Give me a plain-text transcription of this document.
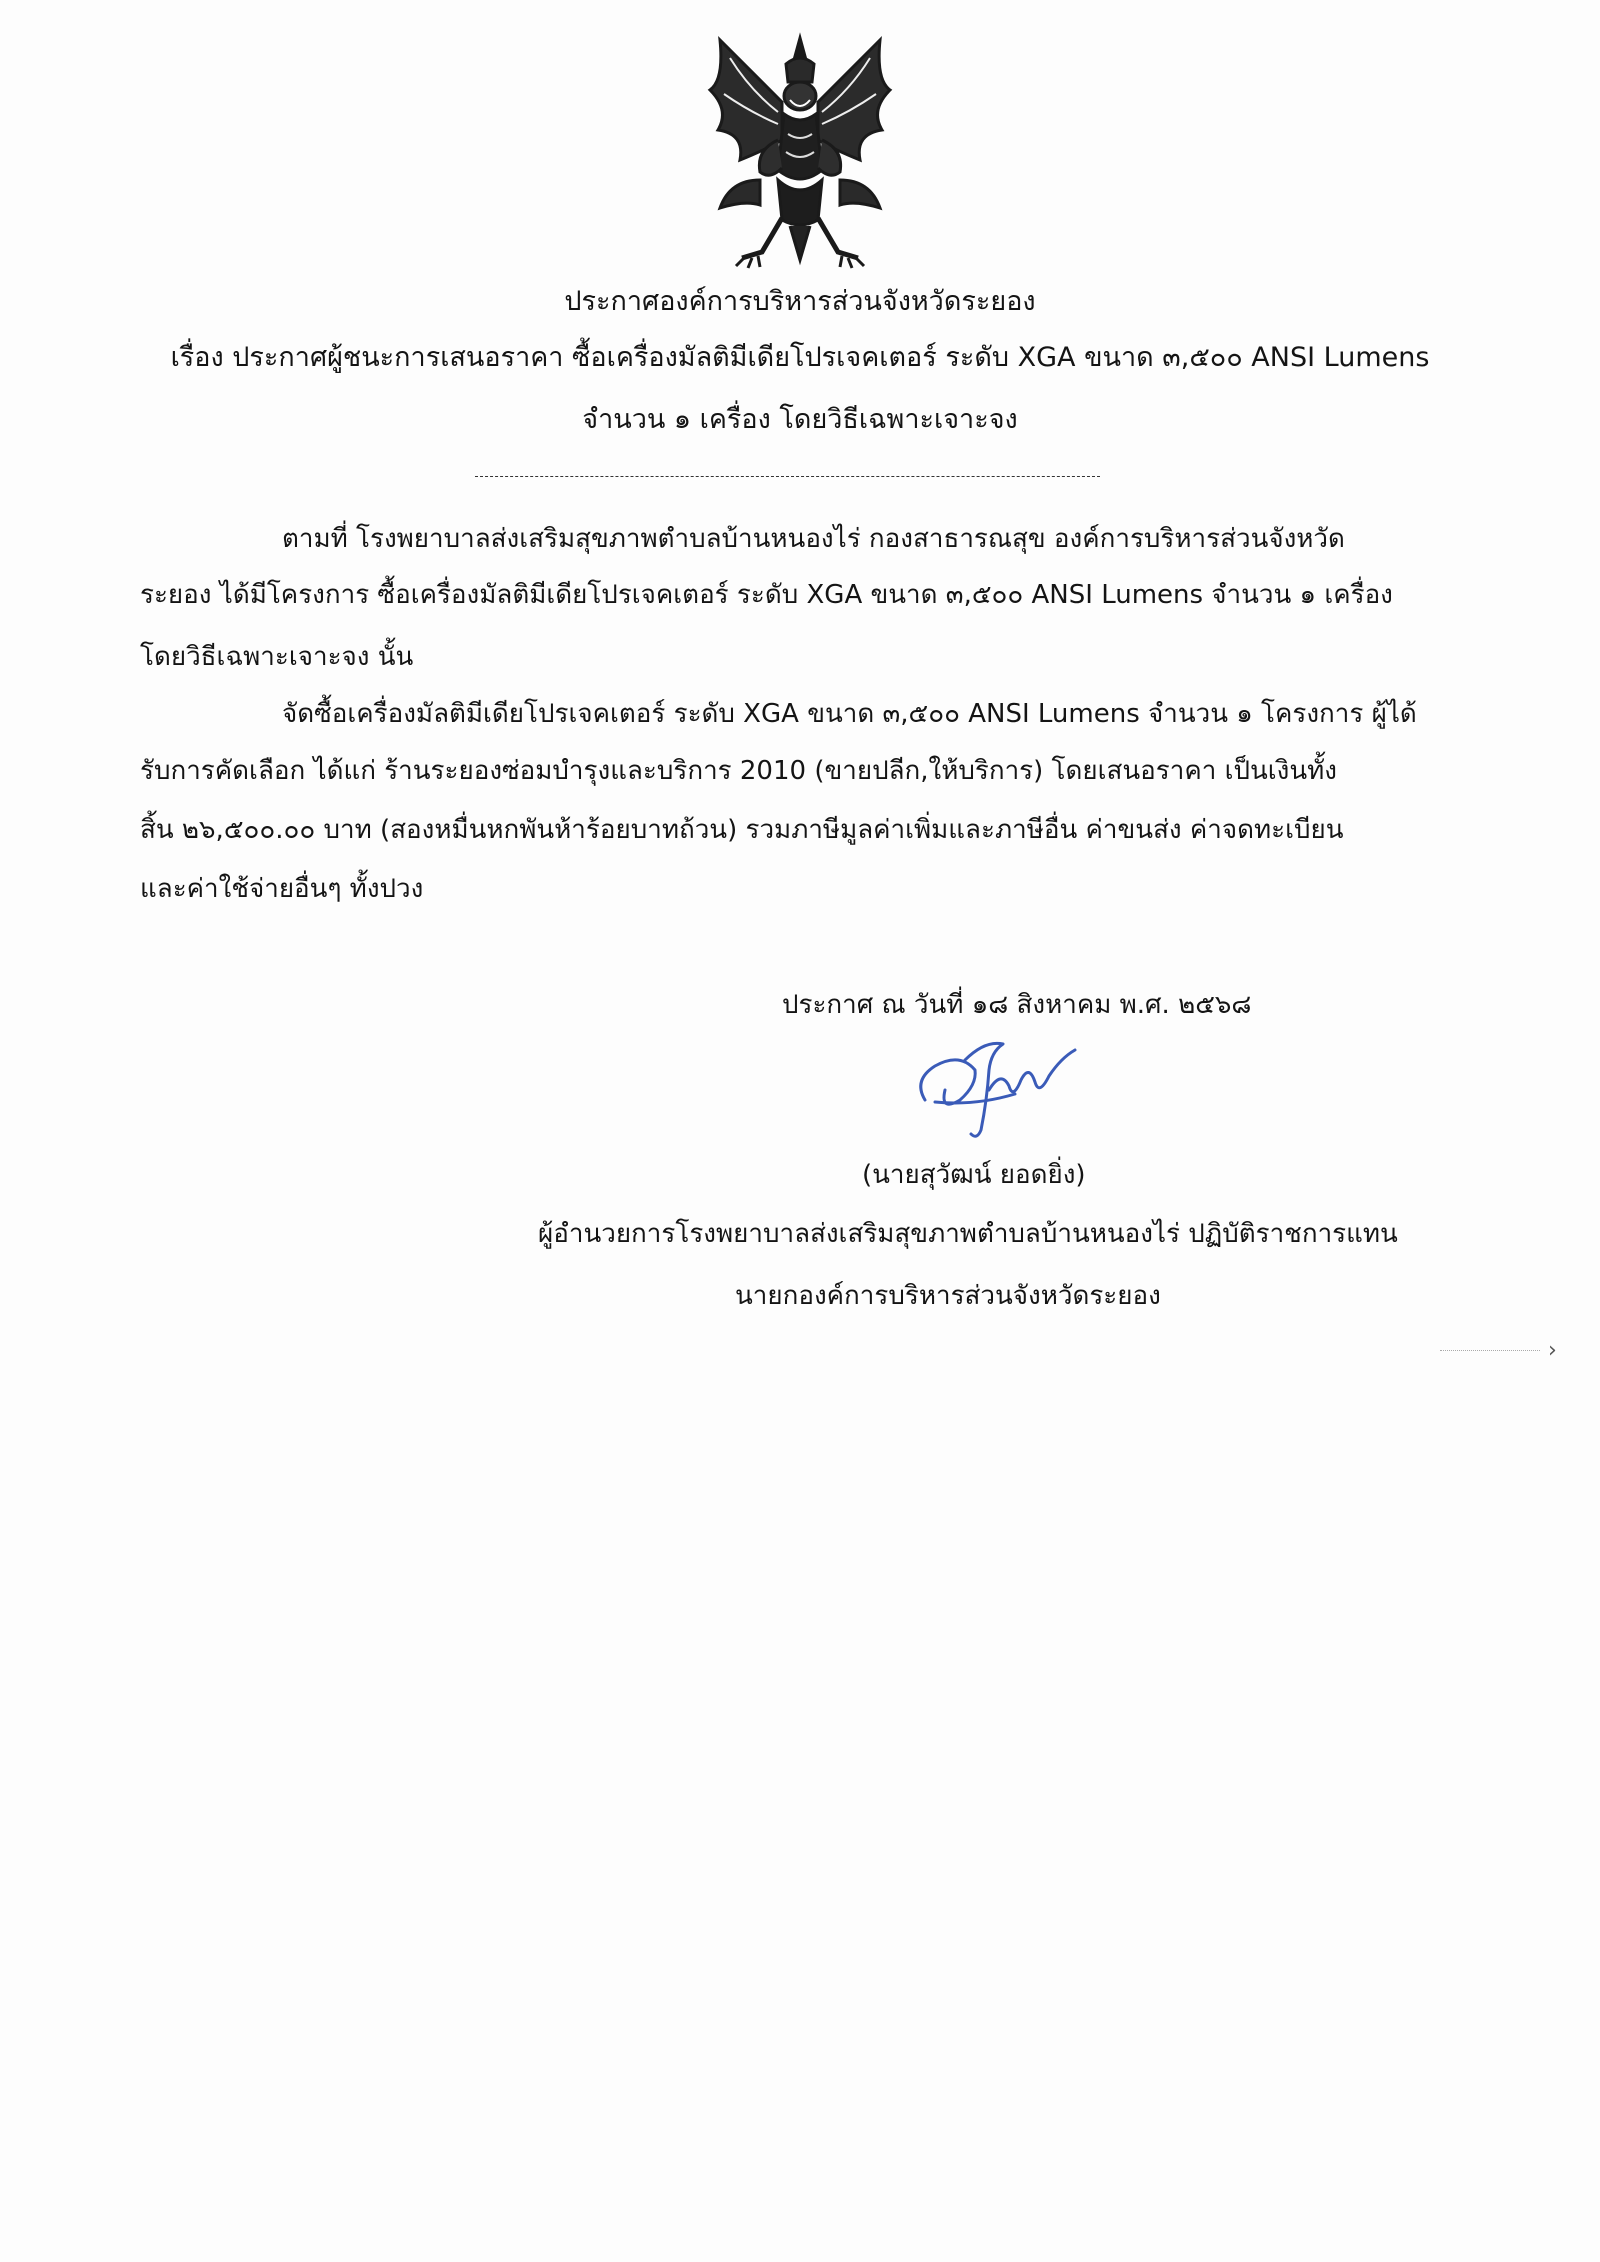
ประกาศองค์การบริหารส่วนจังหวัดระยอง
เรื่อง ประกาศผู้ชนะการเสนอราคา ซื้อเครื่องมัลติมีเดียโปรเจคเตอร์ ระดับ XGA ขนาด ๓,๕๐๐ ANSI Lumens
จำนวน ๑ เครื่อง โดยวิธีเฉพาะเจาะจง
ตามที่ โรงพยาบาลส่งเสริมสุขภาพตำบลบ้านหนองไร่ กองสาธารณสุข องค์การบริหารส่วนจังหวัด
ระยอง ได้มีโครงการ ซื้อเครื่องมัลติมีเดียโปรเจคเตอร์ ระดับ XGA ขนาด ๓,๕๐๐ ANSI Lumens จำนวน ๑ เครื่อง
โดยวิธีเฉพาะเจาะจง นั้น
จัดซื้อเครื่องมัลติมีเดียโปรเจคเตอร์ ระดับ XGA ขนาด ๓,๕๐๐ ANSI Lumens จำนวน ๑ โครงการ ผู้ได้
รับการคัดเลือก ได้แก่ ร้านระยองซ่อมบำรุงและบริการ 2010 (ขายปลีก,ให้บริการ) โดยเสนอราคา เป็นเงินทั้ง
สิ้น ๒๖,๕๐๐.๐๐ บาท (สองหมื่นหกพันห้าร้อยบาทถ้วน) รวมภาษีมูลค่าเพิ่มและภาษีอื่น ค่าขนส่ง ค่าจดทะเบียน
และค่าใช้จ่ายอื่นๆ ทั้งปวง
ประกาศ ณ วันที่ ๑๘ สิงหาคม พ.ศ. ๒๕๖๘
(นายสุวัฒน์ ยอดยิ่ง)
ผู้อำนวยการโรงพยาบาลส่งเสริมสุขภาพตำบลบ้านหนองไร่ ปฏิบัติราชการแทน
นายกองค์การบริหารส่วนจังหวัดระยอง
›
